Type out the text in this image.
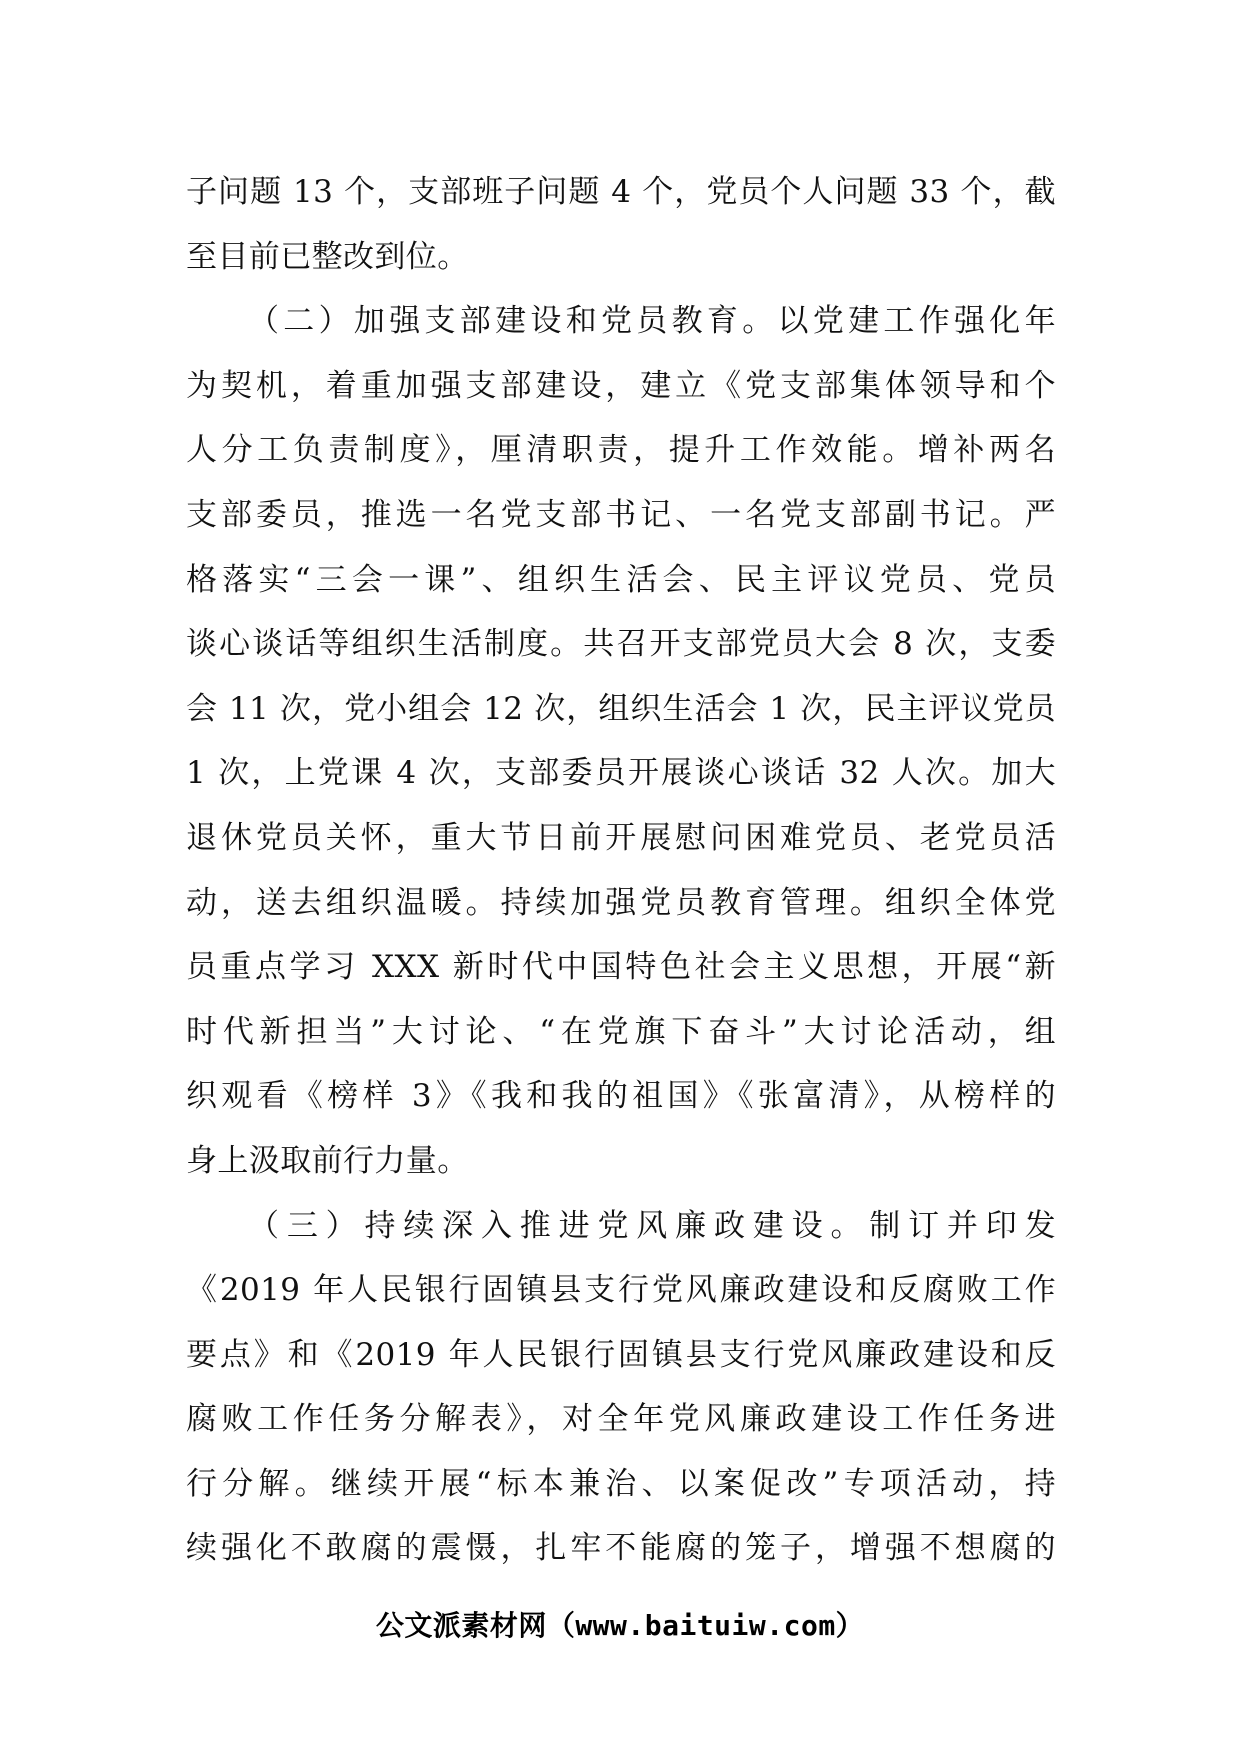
子问题 13 个，支部班子问题 4 个，党员个人问题 33 个，截
至目前已整改到位。
（二）加强支部建设和党员教育。以党建工作强化年
为契机，着重加强支部建设，建立《党支部集体领导和个
人分工负责制度》，厘清职责，提升工作效能。增补两名
支部委员，推选一名党支部书记、一名党支部副书记。严
格落实“三会一课”、组织生活会、民主评议党员、党员
谈心谈话等组织生活制度。共召开支部党员大会 8 次，支委
会 11 次，党小组会 12 次，组织生活会 1 次，民主评议党员
1 次，上党课 4 次，支部委员开展谈心谈话 32 人次。加大
退休党员关怀，重大节日前开展慰问困难党员、老党员活
动，送去组织温暖。持续加强党员教育管理。组织全体党
员重点学习 XXX 新时代中国特色社会主义思想，开展“新
时代新担当”大讨论、“在党旗下奋斗”大讨论活动，组
织观看《榜样 3》《我和我的祖国》《张富清》，从榜样的
身上汲取前行力量。
（三）持续深入推进党风廉政建设。制订并印发
《2019 年人民银行固镇县支行党风廉政建设和反腐败工作
要点》和《2019 年人民银行固镇县支行党风廉政建设和反
腐败工作任务分解表》，对全年党风廉政建设工作任务进
行分解。继续开展“标本兼治、以案促改”专项活动，持
续强化不敢腐的震慑，扎牢不能腐的笼子，增强不想腐的
公文派素材网（www.baituiw.com）
